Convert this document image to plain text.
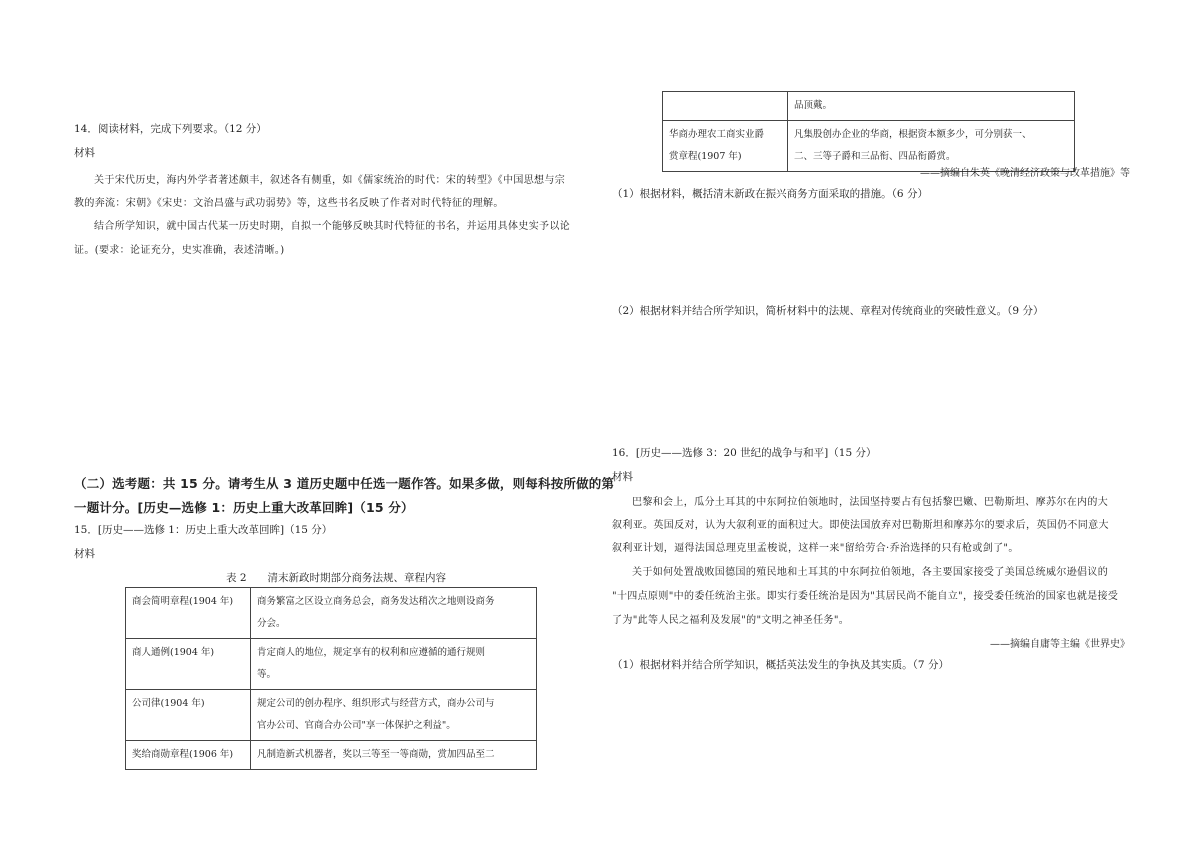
14．阅读材料，完成下列要求。（12 分）
材料
关于宋代历史，海内外学者著述颇丰，叙述各有侧重，如《儒家统治的时代：宋的转型》《中国思想与宗
教的奔流：宋朝》《宋史：文治昌盛与武功弱势》等，这些书名反映了作者对时代特征的理解。
结合所学知识，就中国古代某一历史时期，自拟一个能够反映其时代特征的书名，并运用具体史实予以论
证。(要求：论证充分，史实准确，表述清晰。)
（二）选考题：共 15 分。请考生从 3 道历史题中任选一题作答。如果多做，则每科按所做的第
一题计分。[历史—选修 1：历史上重大改革回眸]（15 分）
15．[历史——选修 1：历史上重大改革回眸]（15 分）
材料
表 2　　清末新政时期部分商务法规、章程内容
商会简明章程(1904 年)	商务繁富之区设立商务总会，商务发达稍次之地则设商务
分会。
商人通例(1904 年)	肯定商人的地位，规定享有的权利和应遵循的通行规则
等。
公司律(1904 年)	规定公司的创办程序、组织形式与经营方式，商办公司与
官办公司、官商合办公司"享一体保护之利益"。
奖给商勋章程(1906 年)	凡制造新式机器者，奖以三等至一等商勋，赏加四品至二

	品顶戴。
华商办理农工商实业爵
赏章程(1907 年)	凡集股创办企业的华商，根据资本额多少，可分别获一、
二、三等子爵和三品衔、四品衔爵赏。
——摘编自朱英《晚清经济政策与改革措施》等
（1）根据材料，概括清末新政在振兴商务方面采取的措施。（6 分）
（2）根据材料并结合所学知识，简析材料中的法规、章程对传统商业的突破性意义。（9 分）
16．[历史——选修 3：20 世纪的战争与和平]（15 分）
材料
巴黎和会上，瓜分土耳其的中东阿拉伯领地时，法国坚持要占有包括黎巴嫩、巴勒斯坦、摩苏尔在内的大
叙利亚。英国反对，认为大叙利亚的面积过大。即使法国放弃对巴勒斯坦和摩苏尔的要求后，英国仍不同意大
叙利亚计划，逼得法国总理克里孟梭说，这样一来"留给劳合·乔治选择的只有枪或剑了"。
关于如何处置战败国德国的殖民地和土耳其的中东阿拉伯领地，各主要国家接受了美国总统威尔逊倡议的
"十四点原则"中的委任统治主张。即实行委任统治是因为"其居民尚不能自立"，接受委任统治的国家也就是接受
了为"此等人民之福利及发展"的"文明之神圣任务"。
——摘编自庸等主编《世界史》
（1）根据材料并结合所学知识，概括英法发生的争执及其实质。（7 分）
